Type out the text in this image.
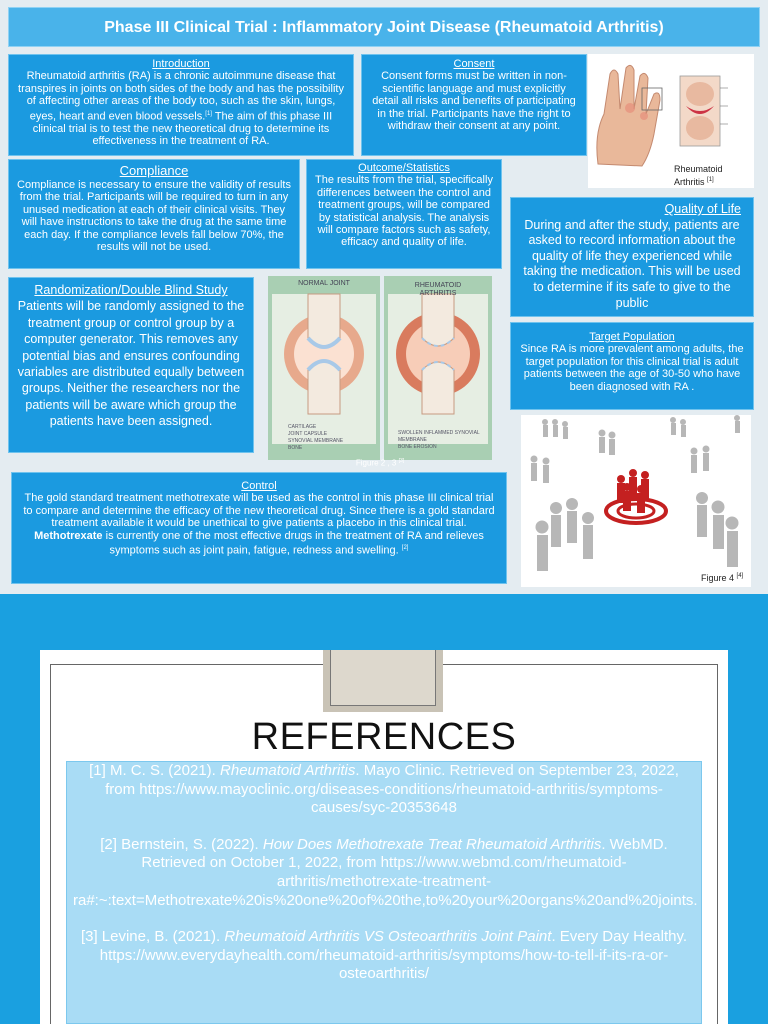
Phase III Clinical Trial : Inflammatory Joint Disease (Rheumatoid Arthritis)
Introduction
Rheumatoid arthritis (RA) is a chronic autoimmune disease that transpires in joints on both sides of the body and has the possibility of affecting other areas of the body too, such as the skin, lungs, eyes, heart and even blood vessels.[1] The aim of this phase III clinical trial is to test the new theoretical drug to determine its effectiveness in the treatment of RA.
Consent
Consent forms must be written in non-scientific language and must explicitly detail all risks and benefits of participating in the trial. Participants have the right to withdraw their consent at any point.
Rheumatoid Arthritis [1]
Compliance
Compliance is necessary to ensure the validity of results from the trial. Participants will be required to turn in any unused medication at each of their clinical visits. They will have instructions to take the drug at the same time each day. If the compliance levels fall below 70%, the results will not be used.
Outcome/Statistics
The results from the trial, specifically differences between the control and treatment groups, will be compared by statistical analysis. The analysis will compare factors such as safety, efficacy and quality of life.
Quality of Life
During and after the study, patients are asked to record information about the quality of life they experienced while taking the medication. This will be used to determine if its safe to give to the public
Randomization/Double Blind Study
Patients will be randomly assigned to the treatment group or control group by a computer generator. This removes any potential bias and ensures confounding variables are distributed equally between groups. Neither the researchers nor the patients will be aware which group the patients have been assigned.
NORMAL JOINT	RHEUMATOID ARTHRITIS
CARTILAGE
JOINT CAPSULE
SYNOVIAL MEMBRANE
BONE
SWOLLEN INFLAMMED SYNOVIAL MEMBRANE
BONE EROSION
Figure 2 , 3 [3]
Target Population
Since RA is more prevalent among adults, the target population for this clinical trial is adult patients between the age of 30-50 who have been diagnosed with RA .
Figure 4 [4]
Control
The gold standard treatment methotrexate will be used as the control in this phase III clinical trial to compare and determine the efficacy of the new theoretical drug. Since there is a gold standard treatment available it would be unethical to give patients a placebo in this clinical trial.
Methotrexate is currently one of the most effective drugs in the treatment of RA and relieves symptoms such as joint pain, fatigue, redness and swelling. [2]
REFERENCES

[1] M. C. S. (2021). Rheumatoid Arthritis. Mayo Clinic. Retrieved on September 23, 2022, from https://www.mayoclinic.org/diseases-conditions/rheumatoid-arthritis/symptoms-causes/syc-20353648

[2] Bernstein, S. (2022). How Does Methotrexate Treat Rheumatoid Arthritis. WebMD. Retrieved on October 1, 2022, from https://www.webmd.com/rheumatoid-arthritis/methotrexate-treatment-ra#:~:text=Methotrexate%20is%20one%20of%20the,to%20your%20organs%20and%20joints.

[3] Levine, B. (2021). Rheumatoid Arthritis VS Osteoarthritis Joint Paint. Every Day Healthy. https://www.everydayhealth.com/rheumatoid-arthritis/symptoms/how-to-tell-if-its-ra-or-osteoarthritis/
